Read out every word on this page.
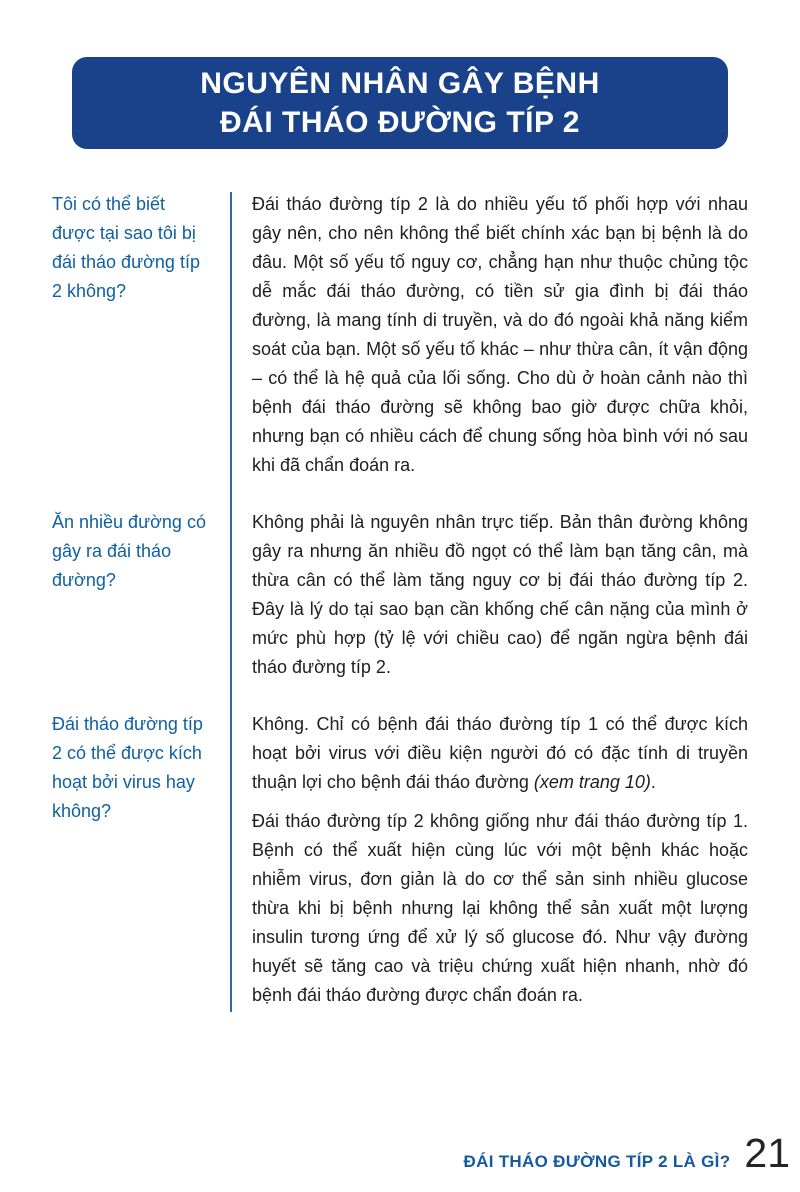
NGUYÊN NHÂN GÂY BỆNH
ĐÁI THÁO ĐƯỜNG TÍP 2
Tôi có thể biết được tại sao tôi bị đái tháo đường típ 2 không?

Đái tháo đường típ 2 là do nhiều yếu tố phối hợp với nhau gây nên, cho nên không thể biết chính xác bạn bị bệnh là do đâu. Một số yếu tố nguy cơ, chẳng hạn như thuộc chủng tộc dễ mắc đái tháo đường, có tiền sử gia đình bị đái tháo đường, là mang tính di truyền, và do đó ngoài khả năng kiểm soát của bạn. Một số yếu tố khác – như thừa cân, ít vận động – có thể là hệ quả của lối sống. Cho dù ở hoàn cảnh nào thì bệnh đái tháo đường sẽ không bao giờ được chữa khỏi, nhưng bạn có nhiều cách để chung sống hòa bình với nó sau khi đã chẩn đoán ra.

Ăn nhiều đường có gây ra đái tháo đường?

Không phải là nguyên nhân trực tiếp. Bản thân đường không gây ra nhưng ăn nhiều đồ ngọt có thể làm bạn tăng cân, mà thừa cân có thể làm tăng nguy cơ bị đái tháo đường típ 2. Đây là lý do tại sao bạn cần khống chế cân nặng của mình ở mức phù hợp (tỷ lệ với chiều cao) để ngăn ngừa bệnh đái tháo đường típ 2.

Đái tháo đường típ 2 có thể được kích hoạt bởi virus hay không?

Không. Chỉ có bệnh đái tháo đường típ 1 có thể được kích hoạt bởi virus với điều kiện người đó có đặc tính di truyền thuận lợi cho bệnh đái tháo đường (xem trang 10).

Đái tháo đường típ 2 không giống như đái tháo đường típ 1. Bệnh có thể xuất hiện cùng lúc với một bệnh khác hoặc nhiễm virus, đơn giản là do cơ thể sản sinh nhiều glucose thừa khi bị bệnh nhưng lại không thể sản xuất một lượng insulin tương ứng để xử lý số glucose đó. Như vậy đường huyết sẽ tăng cao và triệu chứng xuất hiện nhanh, nhờ đó bệnh đái tháo đường được chẩn đoán ra.

ĐÁI THÁO ĐƯỜNG TÍP 2 LÀ GÌ? 21
